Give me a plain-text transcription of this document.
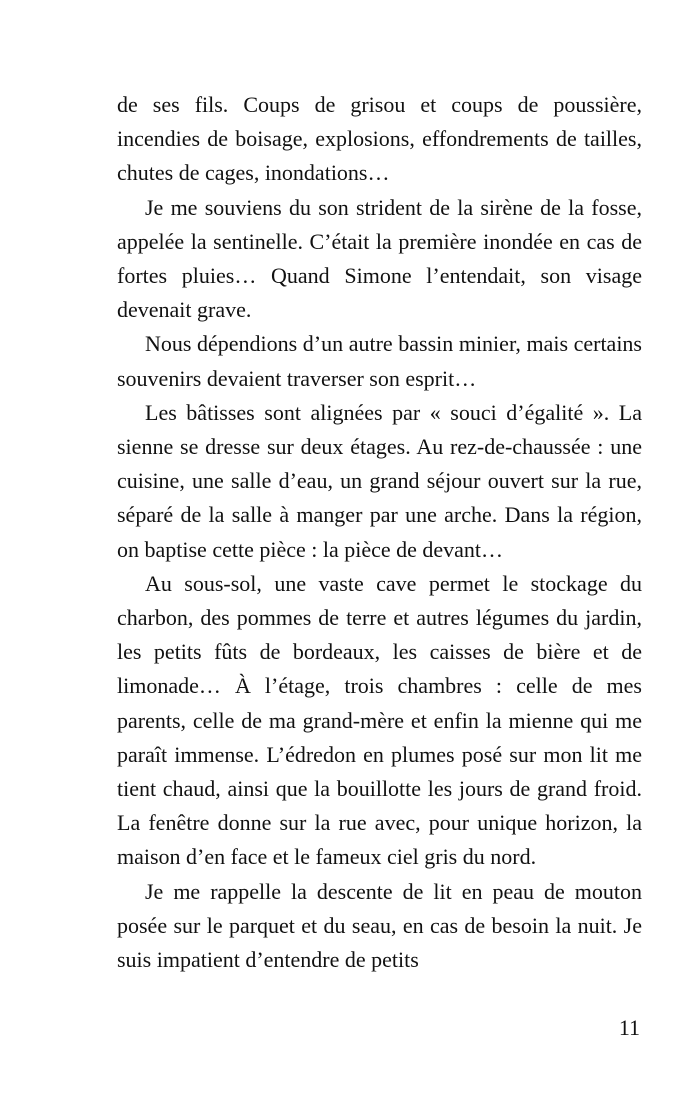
de ses fils. Coups de grisou et coups de poussière, incendies de boisage, explosions, effondrements de tailles, chutes de cages, inondations…

Je me souviens du son strident de la sirène de la fosse, appelée la sentinelle. C’était la première inondée en cas de fortes pluies… Quand Simone l’entendait, son visage devenait grave.

Nous dépendions d’un autre bassin minier, mais certains souvenirs devaient traverser son esprit…

Les bâtisses sont alignées par « souci d’égalité ». La sienne se dresse sur deux étages. Au rez-de-chaussée : une cuisine, une salle d’eau, un grand séjour ouvert sur la rue, séparé de la salle à manger par une arche. Dans la région, on baptise cette pièce : la pièce de devant…

Au sous-sol, une vaste cave permet le stockage du charbon, des pommes de terre et autres légumes du jardin, les petits fûts de bordeaux, les caisses de bière et de limonade… À l’étage, trois chambres : celle de mes parents, celle de ma grand-mère et enfin la mienne qui me paraît immense. L’édredon en plumes posé sur mon lit me tient chaud, ainsi que la bouillotte les jours de grand froid. La fenêtre donne sur la rue avec, pour unique horizon, la maison d’en face et le fameux ciel gris du nord.

Je me rappelle la descente de lit en peau de mouton posée sur le parquet et du seau, en cas de besoin la nuit. Je suis impatient d’entendre de petits

11
